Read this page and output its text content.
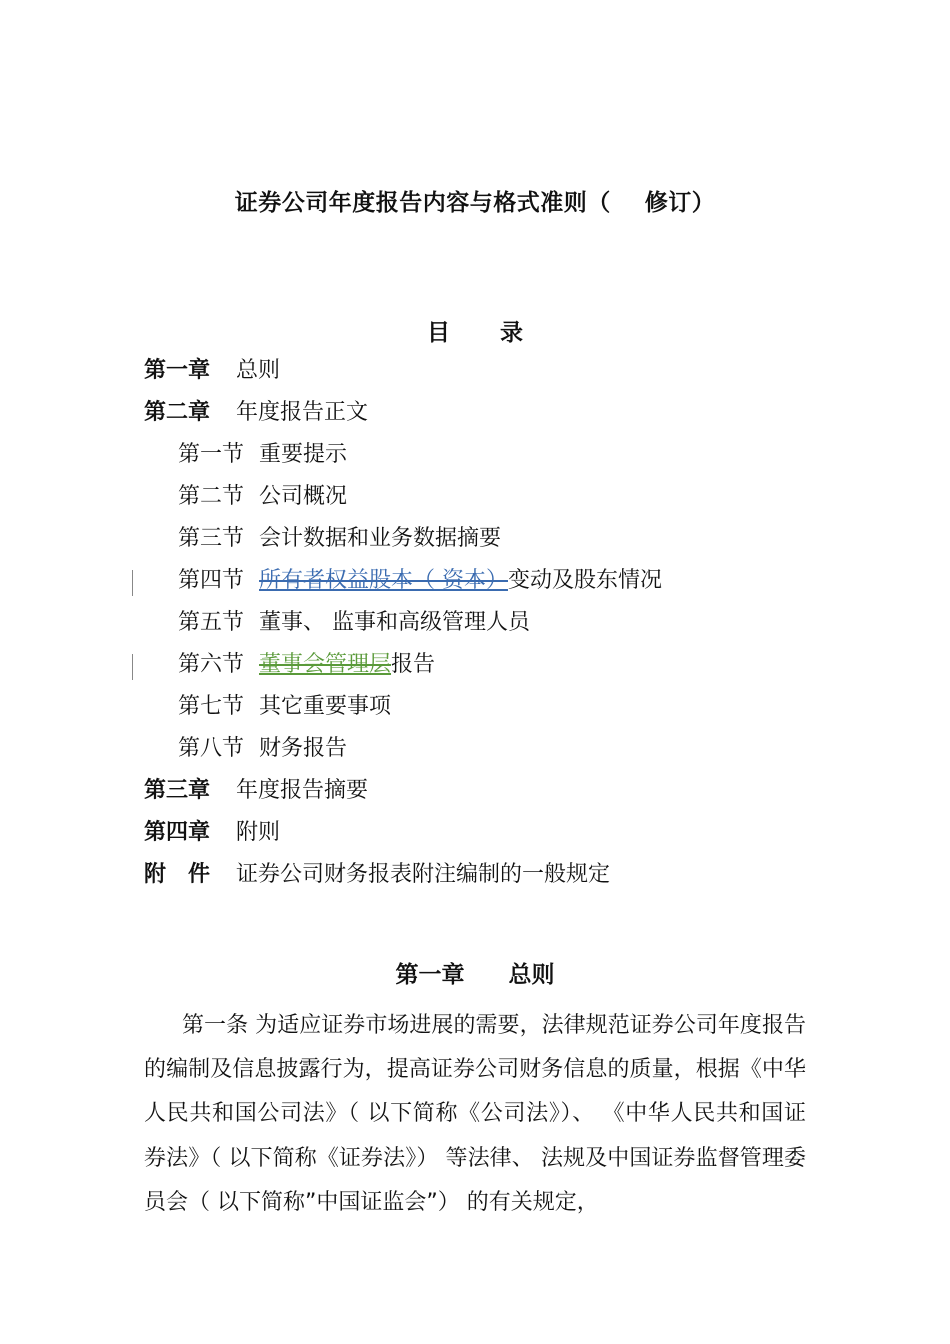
证券公司年度报告内容与格式准则（ 修订）
目 录
第一章 总则
第二章 年度报告正文
第一节 重要提示
第二节 公司概况
第三节 会计数据和业务数据摘要
第四节 所有者权益股本（ 资本）变动及股东情况
第五节 董事、 监事和高级管理人员
第六节 董事会管理层报告
第七节 其它重要事项
第八节 财务报告
第三章 年度报告摘要
第四章 附则
附　件 证券公司财务报表附注编制的一般规定
第一章 总则
第一条 为适应证券市场进展的需要，法律规范证券公司年度报告的编制及信息披露行为，提高证券公司财务信息的质量，根据《中华人民共和国公司法》（ 以下简称《公司法》）、 《中华人民共和国证券法》（ 以下简称《证券法》） 等法律、 法规及中国证券监督管理委员会（ 以下简称”中国证监会”） 的有关规定，
